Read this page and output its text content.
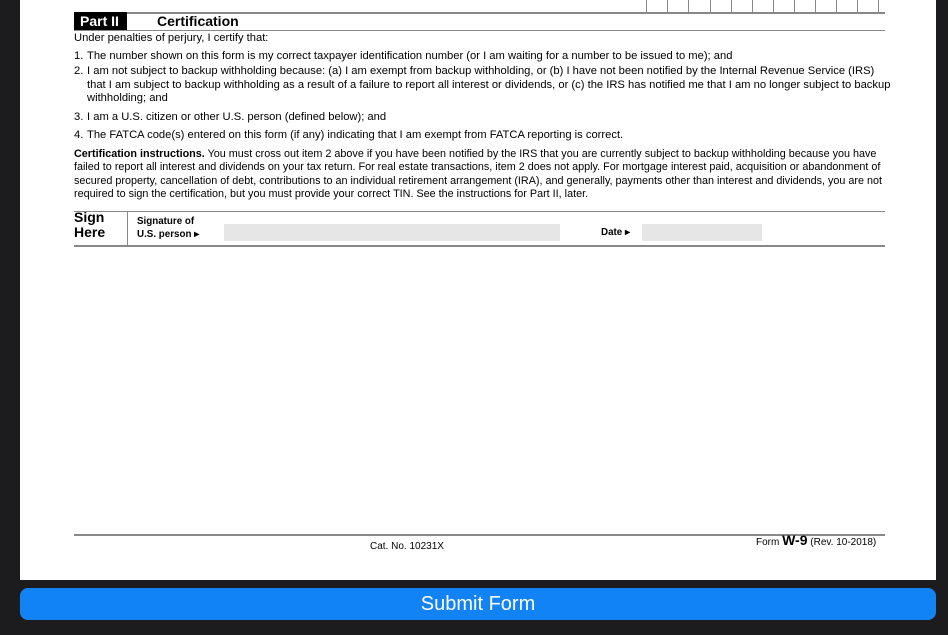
Part II	Certification
Under penalties of perjury, I certify that:
1. The number shown on this form is my correct taxpayer identification number (or I am waiting for a number to be issued to me); and
2. I am not subject to backup withholding because: (a) I am exempt from backup withholding, or (b) I have not been notified by the Internal Revenue Service (IRS) that I am subject to backup withholding as a result of a failure to report all interest or dividends, or (c) the IRS has notified me that I am no longer subject to backup withholding; and
3. I am a U.S. citizen or other U.S. person (defined below); and
4. The FATCA code(s) entered on this form (if any) indicating that I am exempt from FATCA reporting is correct.
Certification instructions. You must cross out item 2 above if you have been notified by the IRS that you are currently subject to backup withholding because you have failed to report all interest and dividends on your tax return. For real estate transactions, item 2 does not apply. For mortgage interest paid, acquisition or abandonment of secured property, cancellation of debt, contributions to an individual retirement arrangement (IRA), and generally, payments other than interest and dividends, you are not required to sign the certification, but you must provide your correct TIN. See the instructions for Part II, later.
Sign
Here
Signature of
U.S. person ▸	Date ▸
Cat. No. 10231X	Form W-9 (Rev. 10-2018)
Submit Form
